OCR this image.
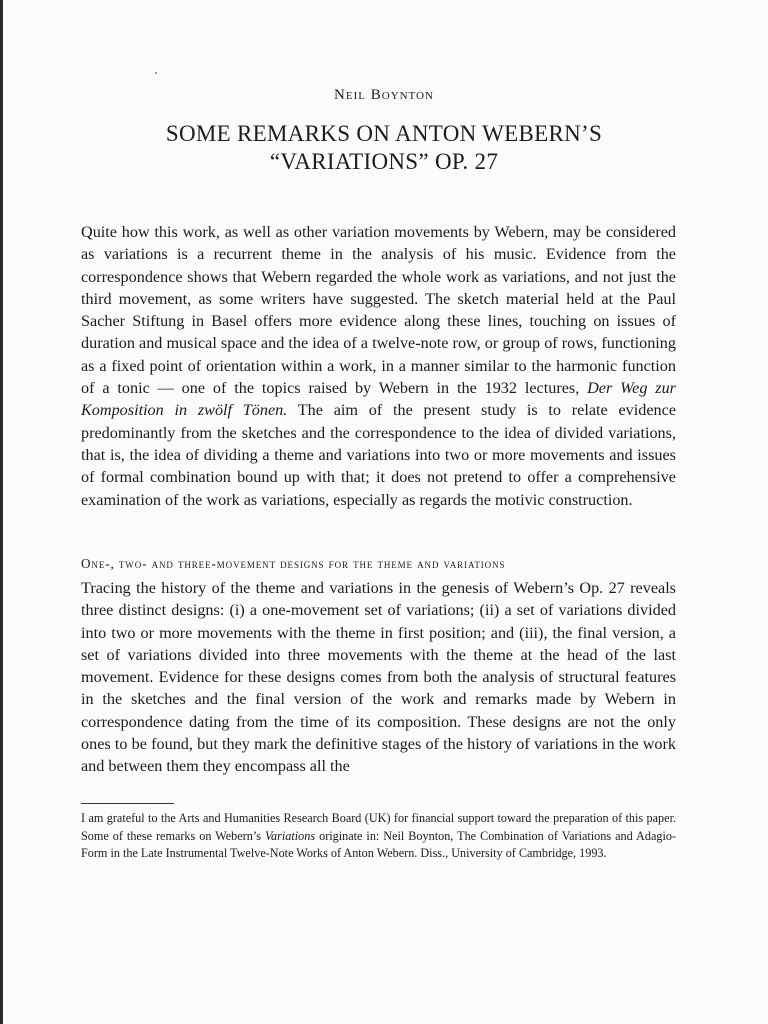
Neil Boynton
SOME REMARKS ON ANTON WEBERN’S
“VARIATIONS” OP. 27

Quite how this work, as well as other variation movements by Webern, may be considered as variations is a recurrent theme in the analysis of his music. Evidence from the correspondence shows that Webern regarded the whole work as variations, and not just the third movement, as some writers have suggested. The sketch material held at the Paul Sacher Stiftung in Basel offers more evidence along these lines, touching on issues of duration and musical space and the idea of a twelve-note row, or group of rows, functioning as a fixed point of orientation within a work, in a manner similar to the harmonic function of a tonic — one of the topics raised by Webern in the 1932 lectures, Der Weg zur Komposition in zwölf Tönen. The aim of the present study is to relate evidence predominantly from the sketches and the correspondence to the idea of divided variations, that is, the idea of dividing a theme and variations into two or more movements and issues of formal combination bound up with that; it does not pretend to offer a comprehensive examination of the work as variations, especially as regards the motivic construction.

One-, two- and three-movement designs for the theme and variations

Tracing the history of the theme and variations in the genesis of Webern’s Op. 27 reveals three distinct designs: (i) a one-movement set of variations; (ii) a set of variations divided into two or more movements with the theme in first position; and (iii), the final version, a set of variations divided into three movements with the theme at the head of the last movement. Evidence for these designs comes from both the analysis of structural features in the sketches and the final version of the work and remarks made by Webern in correspondence dating from the time of its composition. These designs are not the only ones to be found, but they mark the definitive stages of the history of variations in the work and between them they encompass all the

I am grateful to the Arts and Humanities Research Board (UK) for financial support toward the preparation of this paper. Some of these remarks on Webern’s Variations originate in: Neil Boynton, The Combination of Variations and Adagio-Form in the Late Instrumental Twelve-Note Works of Anton Webern. Diss., University of Cambridge, 1993.
